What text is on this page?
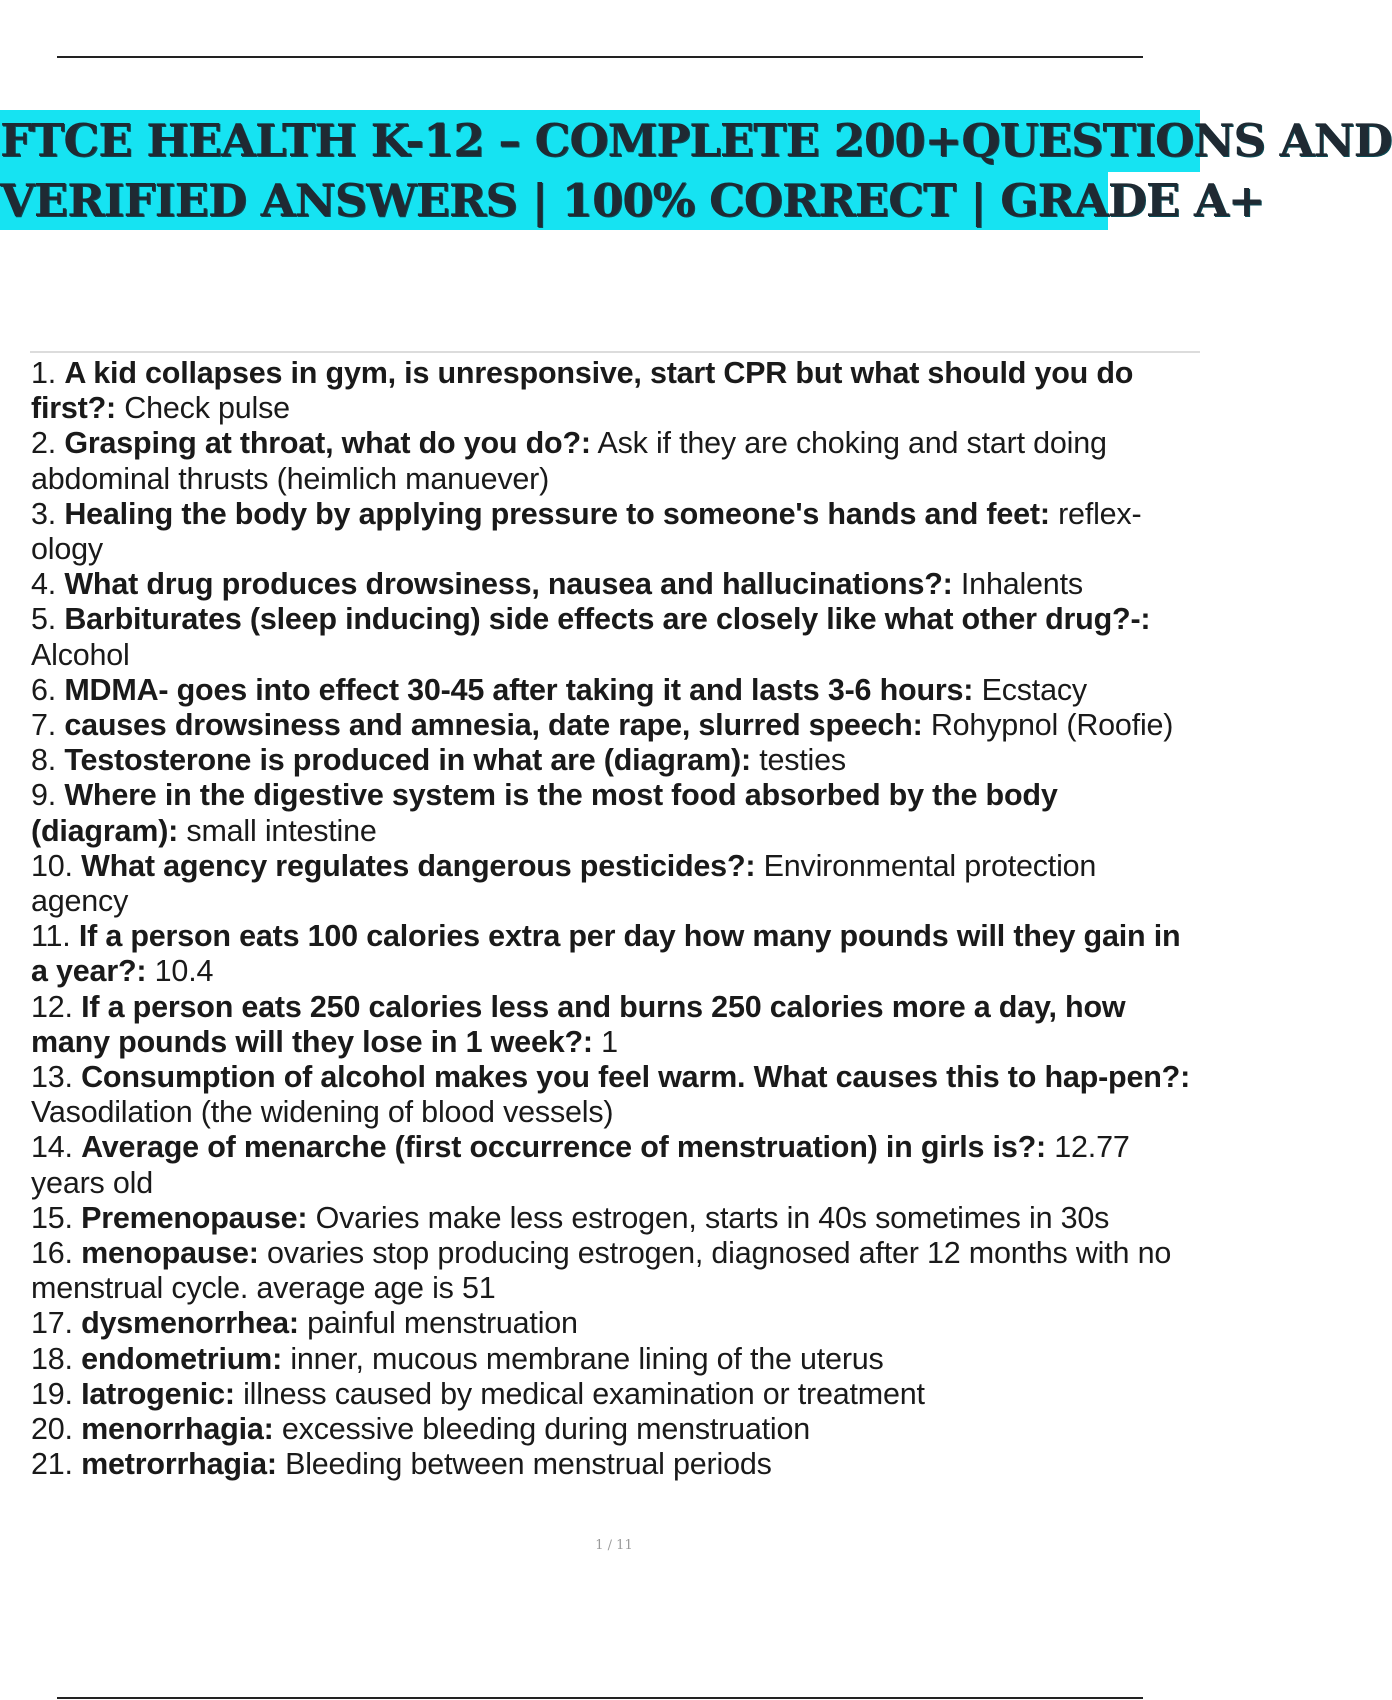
FTCE HEALTH K-12 – COMPLETE 200+QUESTIONS AND
VERIFIED ANSWERS | 100% CORRECT | GRADE A+
1. A kid collapses in gym, is unresponsive, start CPR but what should you do first?: Check pulse
2. Grasping at throat, what do you do?: Ask if they are choking and start doing abdominal thrusts (heimlich manuever)
3. Healing the body by applying pressure to someone's hands and feet: reflex-ology
4. What drug produces drowsiness, nausea and hallucinations?: Inhalents
5. Barbiturates (sleep inducing) side effects are closely like what other drug?-: Alcohol
6. MDMA- goes into effect 30-45 after taking it and lasts 3-6 hours: Ecstacy
7. causes drowsiness and amnesia, date rape, slurred speech: Rohypnol (Roofie)
8. Testosterone is produced in what are (diagram): testies
9. Where in the digestive system is the most food absorbed by the body (diagram): small intestine
10. What agency regulates dangerous pesticides?: Environmental protection agency
11. If a person eats 100 calories extra per day how many pounds will they gain in a year?: 10.4
12. If a person eats 250 calories less and burns 250 calories more a day, how many pounds will they lose in 1 week?: 1
13. Consumption of alcohol makes you feel warm. What causes this to hap-pen?: Vasodilation (the widening of blood vessels)
14. Average of menarche (first occurrence of menstruation) in girls is?: 12.77 years old
15. Premenopause: Ovaries make less estrogen, starts in 40s sometimes in 30s
16. menopause: ovaries stop producing estrogen, diagnosed after 12 months with no menstrual cycle. average age is 51
17. dysmenorrhea: painful menstruation
18. endometrium: inner, mucous membrane lining of the uterus
19. Iatrogenic: illness caused by medical examination or treatment
20. menorrhagia: excessive bleeding during menstruation
21. metrorrhagia: Bleeding between menstrual periods
1 / 11
